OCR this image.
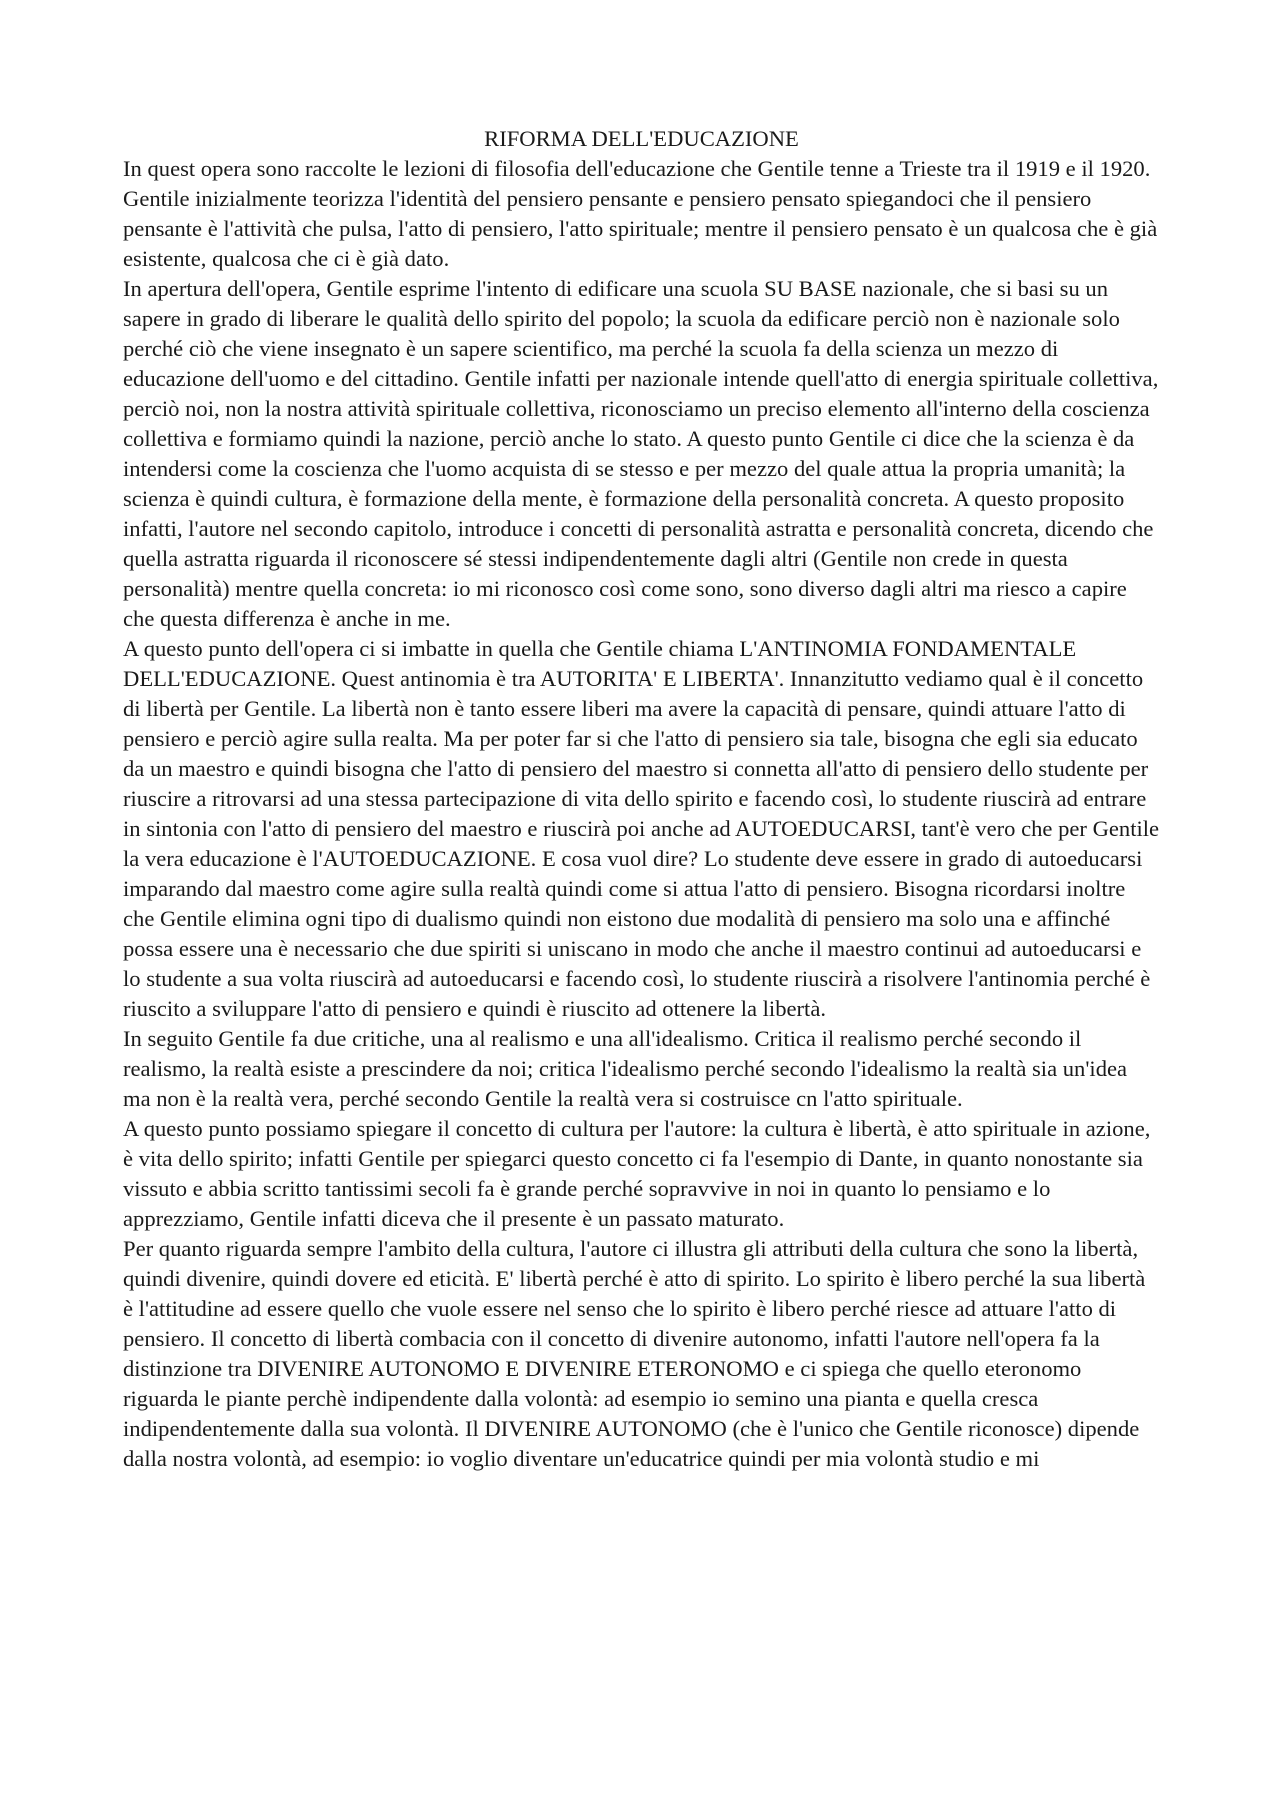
RIFORMA DELL'EDUCAZIONE

In quest opera sono raccolte le lezioni di filosofia dell'educazione che Gentile tenne a Trieste tra il 1919 e il 1920.

Gentile inizialmente teorizza l'identità del pensiero pensante e pensiero pensato spiegandoci che il pensiero pensante è l'attività che pulsa, l'atto di pensiero, l'atto spirituale; mentre il pensiero pensato è un qualcosa che è già esistente, qualcosa che ci è già dato.

In apertura dell'opera, Gentile esprime l'intento di edificare una scuola SU BASE nazionale, che si basi su un sapere in grado di liberare le qualità dello spirito del popolo; la scuola da edificare perciò non è nazionale solo perché ciò che viene insegnato è un sapere scientifico, ma perché la scuola fa della scienza un mezzo di educazione dell'uomo e del cittadino. Gentile infatti per nazionale intende quell'atto di energia spirituale collettiva, perciò noi, non la nostra attività spirituale collettiva, riconosciamo un preciso elemento all'interno della coscienza collettiva e formiamo quindi la nazione, perciò anche lo stato. A questo punto Gentile ci dice che la scienza è da intendersi come la coscienza che l'uomo acquista di se stesso e per mezzo del quale attua la propria umanità; la scienza è quindi cultura, è formazione della mente, è formazione della personalità concreta. A questo proposito infatti, l'autore nel secondo capitolo, introduce i concetti di personalità astratta e personalità concreta, dicendo che quella astratta riguarda il riconoscere sé stessi indipendentemente dagli altri (Gentile non crede in questa personalità) mentre quella concreta: io mi riconosco così come sono, sono diverso dagli altri ma riesco a capire che questa differenza è anche in me.

A questo punto dell'opera ci si imbatte in quella che Gentile chiama L'ANTINOMIA FONDAMENTALE DELL'EDUCAZIONE. Quest antinomia è tra AUTORITA' E LIBERTA'. Innanzitutto vediamo qual è il concetto di libertà per Gentile. La libertà non è tanto essere liberi ma avere la capacità di pensare, quindi attuare l'atto di pensiero e perciò agire sulla realta. Ma per poter far si che l'atto di pensiero sia tale, bisogna che egli sia educato da un maestro e quindi bisogna che l'atto di pensiero del maestro si connetta all'atto di pensiero dello studente per riuscire a ritrovarsi ad una stessa partecipazione di vita dello spirito e facendo così, lo studente riuscirà ad entrare in sintonia con l'atto di pensiero del maestro e riuscirà poi anche ad AUTOEDUCARSI, tant'è vero che per Gentile la vera educazione è l'AUTOEDUCAZIONE. E cosa vuol dire? Lo studente deve essere in grado di autoeducarsi imparando dal maestro come agire sulla realtà quindi come si attua l'atto di pensiero. Bisogna ricordarsi inoltre che Gentile elimina ogni tipo di dualismo quindi non eistono due modalità di pensiero ma solo una e affinché possa essere una è necessario che due spiriti si uniscano in modo che anche il maestro continui ad autoeducarsi e lo studente a sua volta riuscirà ad autoeducarsi e facendo così, lo studente riuscirà a risolvere l'antinomia perché è riuscito a sviluppare l'atto di pensiero e quindi è riuscito ad ottenere la libertà.

In seguito Gentile fa due critiche, una al realismo e una all'idealismo. Critica il realismo perché secondo il realismo, la realtà esiste a prescindere da noi; critica l'idealismo perché secondo l'idealismo la realtà sia un'idea ma non è la realtà vera, perché secondo Gentile la realtà vera si costruisce cn l'atto spirituale.

A questo punto possiamo spiegare il concetto di cultura per l'autore: la cultura è libertà, è atto spirituale in azione, è vita dello spirito; infatti Gentile per spiegarci questo concetto ci fa l'esempio di Dante, in quanto nonostante sia vissuto e abbia scritto tantissimi secoli fa è grande perché sopravvive in noi in quanto lo pensiamo e lo apprezziamo, Gentile infatti diceva che il presente è un passato maturato.

Per quanto riguarda sempre l'ambito della cultura, l'autore ci illustra gli attributi della cultura che sono la libertà, quindi divenire, quindi dovere ed eticità. E' libertà perché è atto di spirito. Lo spirito è libero perché la sua libertà è l'attitudine ad essere quello che vuole essere nel senso che lo spirito è libero perché riesce ad attuare l'atto di pensiero. Il concetto di libertà combacia con il concetto di divenire autonomo, infatti l'autore nell'opera fa la distinzione tra DIVENIRE AUTONOMO E DIVENIRE ETERONOMO e ci spiega che quello eteronomo riguarda le piante perchè indipendente dalla volontà: ad esempio io semino una pianta e quella cresca indipendentemente dalla sua volontà. Il DIVENIRE AUTONOMO (che è l'unico che Gentile riconosce) dipende dalla nostra volontà, ad esempio: io voglio diventare un'educatrice quindi per mia volontà studio e mi
